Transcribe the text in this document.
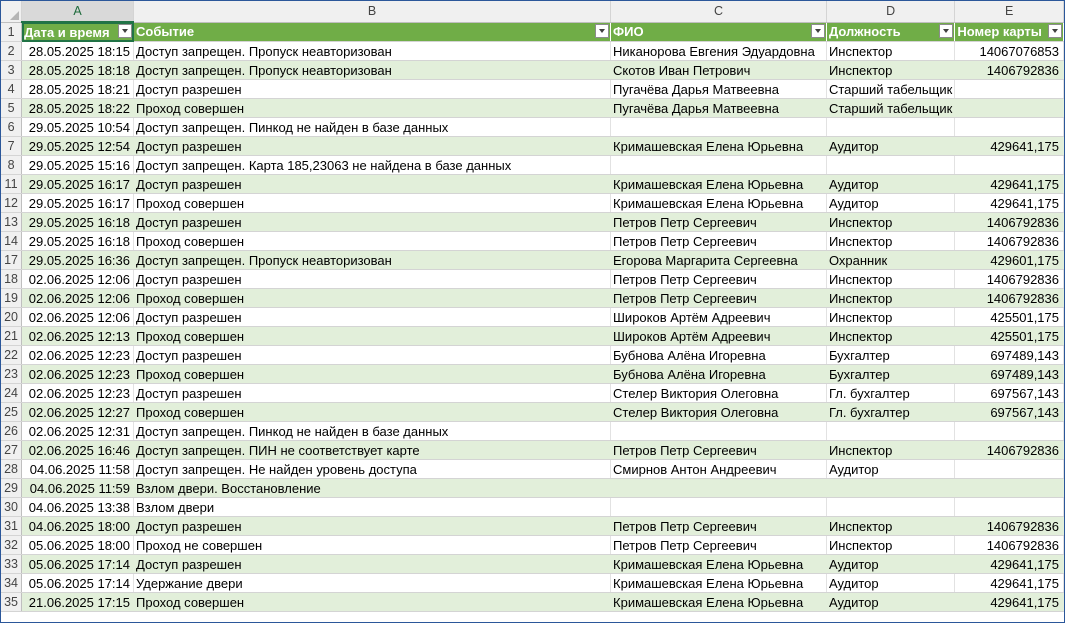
	A	B	C	D	E
1	Дата и время	Событие	ФИО	Должность	Номер карты

2	28.05.2025 18:15	Доступ запрещен. Пропуск неавторизован	Никанорова Евгения Эдуардовна	Инспектор	14067076853
3	28.05.2025 18:18	Доступ запрещен. Пропуск неавторизован	Скотов Иван Петрович	Инспектор	1406792836
4	28.05.2025 18:21	Доступ разрешен	Пугачёва Дарья Матвеевна	Старший табельщик	
5	28.05.2025 18:22	Проход совершен	Пугачёва Дарья Матвеевна	Старший табельщик	
6	29.05.2025 10:54	Доступ запрещен. Пинкод не найден в базе данных			
7	29.05.2025 12:54	Доступ разрешен	Кримашевская Елена Юрьевна	Аудитор	429641,175
8	29.05.2025 15:16	Доступ запрещен. Карта 185,23063 не найдена в базе данных			
11	29.05.2025 16:17	Доступ разрешен	Кримашевская Елена Юрьевна	Аудитор	429641,175
12	29.05.2025 16:17	Проход совершен	Кримашевская Елена Юрьевна	Аудитор	429641,175
13	29.05.2025 16:18	Доступ разрешен	Петров Петр Сергеевич	Инспектор	1406792836
14	29.05.2025 16:18	Проход совершен	Петров Петр Сергеевич	Инспектор	1406792836
17	29.05.2025 16:36	Доступ запрещен. Пропуск неавторизован	Егорова Маргарита Сергеевна	Охранник	429601,175
18	02.06.2025 12:06	Доступ разрешен	Петров Петр Сергеевич	Инспектор	1406792836
19	02.06.2025 12:06	Проход совершен	Петров Петр Сергеевич	Инспектор	1406792836
20	02.06.2025 12:06	Доступ разрешен	Широков Артём Адреевич	Инспектор	425501,175
21	02.06.2025 12:13	Проход совершен	Широков Артём Адреевич	Инспектор	425501,175
22	02.06.2025 12:23	Доступ разрешен	Бубнова Алёна Игоревна	Бухгалтер	697489,143
23	02.06.2025 12:23	Проход совершен	Бубнова Алёна Игоревна	Бухгалтер	697489,143
24	02.06.2025 12:23	Доступ разрешен	Стелер Виктория Олеговна	Гл. бухгалтер	697567,143
25	02.06.2025 12:27	Проход совершен	Стелер Виктория Олеговна	Гл. бухгалтер	697567,143
26	02.06.2025 12:31	Доступ запрещен. Пинкод не найден в базе данных			
27	02.06.2025 16:46	Доступ запрещен. ПИН не соответствует карте	Петров Петр Сергеевич	Инспектор	1406792836
28	04.06.2025 11:58	Доступ запрещен. Не найден уровень доступа	Смирнов Антон Андреевич	Аудитор	
29	04.06.2025 11:59	Взлом двери. Восстановление			
30	04.06.2025 13:38	Взлом двери			
31	04.06.2025 18:00	Доступ разрешен	Петров Петр Сергеевич	Инспектор	1406792836
32	05.06.2025 18:00	Проход не совершен	Петров Петр Сергеевич	Инспектор	1406792836
33	05.06.2025 17:14	Доступ разрешен	Кримашевская Елена Юрьевна	Аудитор	429641,175
34	05.06.2025 17:14	Удержание двери	Кримашевская Елена Юрьевна	Аудитор	429641,175
35	21.06.2025 17:15	Проход совершен	Кримашевская Елена Юрьевна	Аудитор	429641,175
